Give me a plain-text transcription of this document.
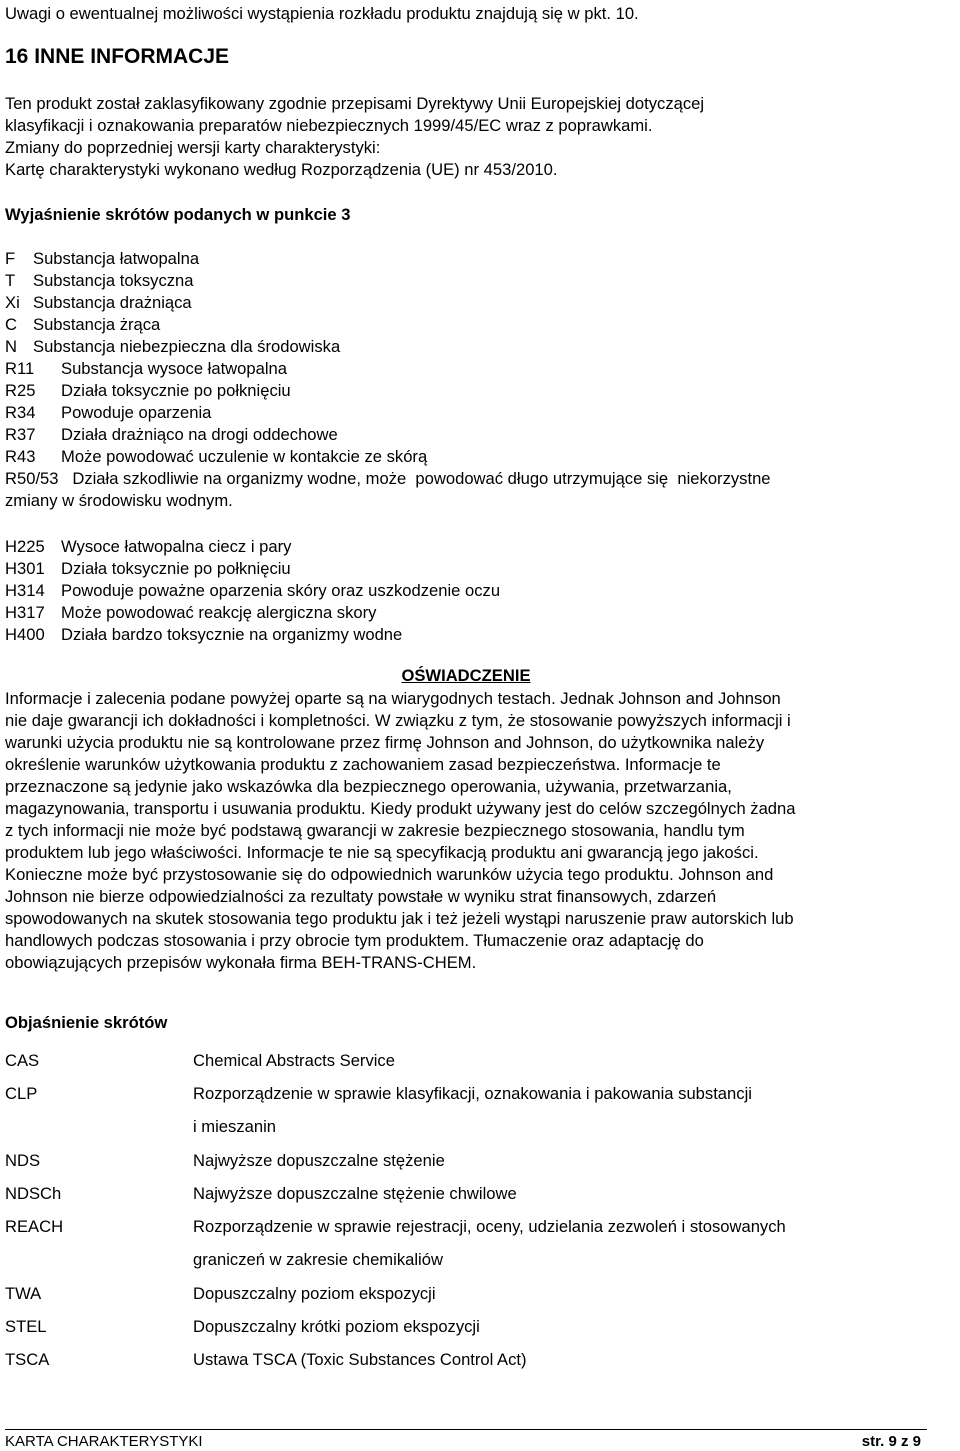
Uwagi o ewentualnej możliwości wystąpienia rozkładu produktu znajdują się w pkt. 10.
16 INNE INFORMACJE
Ten produkt został zaklasyfikowany zgodnie przepisami Dyrektywy Unii Europejskiej dotyczącej
klasyfikacji i oznakowania preparatów niebezpiecznych 1999/45/EC wraz z poprawkami.
Zmiany do poprzedniej wersji karty charakterystyki:
Kartę charakterystyki wykonano według Rozporządzenia (UE) nr 453/2010.
Wyjaśnienie skrótów podanych w punkcie 3
F	Substancja łatwopalna
T	Substancja toksyczna
Xi Substancja drażniąca
C Substancja żrąca
N Substancja niebezpieczna dla środowiska
R11	Substancja wysoce łatwopalna
R25	Działa toksycznie po połknięciu
R34	Powoduje oparzenia
R37	Działa drażniąco na drogi oddechowe
R43	Może powodować uczulenie w kontakcie ze skórą
R50/53   Działa szkodliwie na organizmy wodne, może  powodować długo utrzymujące się  niekorzystne
zmiany w środowisku wodnym.
H225 Wysoce łatwopalna ciecz i pary
H301 Działa toksycznie po połknięciu
H314 Powoduje poważne oparzenia skóry oraz uszkodzenie oczu
H317 Może powodować reakcję alergiczna skory
H400 Działa bardzo toksycznie na organizmy wodne
OŚWIADCZENIE
Informacje i zalecenia podane powyżej oparte są na wiarygodnych testach. Jednak Johnson and Johnson
nie daje gwarancji ich dokładności i kompletności. W związku z tym, że stosowanie powyższych informacji i
warunki użycia produktu nie są kontrolowane przez firmę Johnson and Johnson, do użytkownika należy
określenie warunków użytkowania produktu z zachowaniem zasad bezpieczeństwa. Informacje te
przeznaczone są jedynie jako wskazówka dla bezpiecznego operowania, używania, przetwarzania,
magazynowania, transportu i usuwania produktu. Kiedy produkt używany jest do celów szczególnych żadna
z tych informacji nie może być podstawą gwarancji w zakresie bezpiecznego stosowania, handlu tym
produktem lub jego właściwości. Informacje te nie są specyfikacją produktu ani gwarancją jego jakości.
Konieczne może być przystosowanie się do odpowiednich warunków użycia tego produktu. Johnson and
Johnson nie bierze odpowiedzialności za rezultaty powstałe w wyniku strat finansowych, zdarzeń
spowodowanych na skutek stosowania tego produktu jak i też jeżeli wystąpi naruszenie praw autorskich lub
handlowych podczas stosowania i przy obrocie tym produktem. Tłumaczenie oraz adaptację do
obowiązujących przepisów wykonała firma BEH-TRANS-CHEM.
Objaśnienie skrótów
CAS	Chemical Abstracts Service
CLP	Rozporządzenie w sprawie klasyfikacji, oznakowania i pakowania substancji
i mieszanin
NDS	Najwyższe dopuszczalne stężenie
NDSCh	Najwyższe dopuszczalne stężenie chwilowe
REACH	Rozporządzenie w sprawie rejestracji, oceny, udzielania zezwoleń i stosowanych
graniczeń w zakresie chemikaliów
TWA	Dopuszczalny poziom ekspozycji
STEL	Dopuszczalny krótki poziom ekspozycji
TSCA	Ustawa TSCA (Toxic Substances Control Act)
KARTA CHARAKTERYSTYKI	str. 9 z 9
